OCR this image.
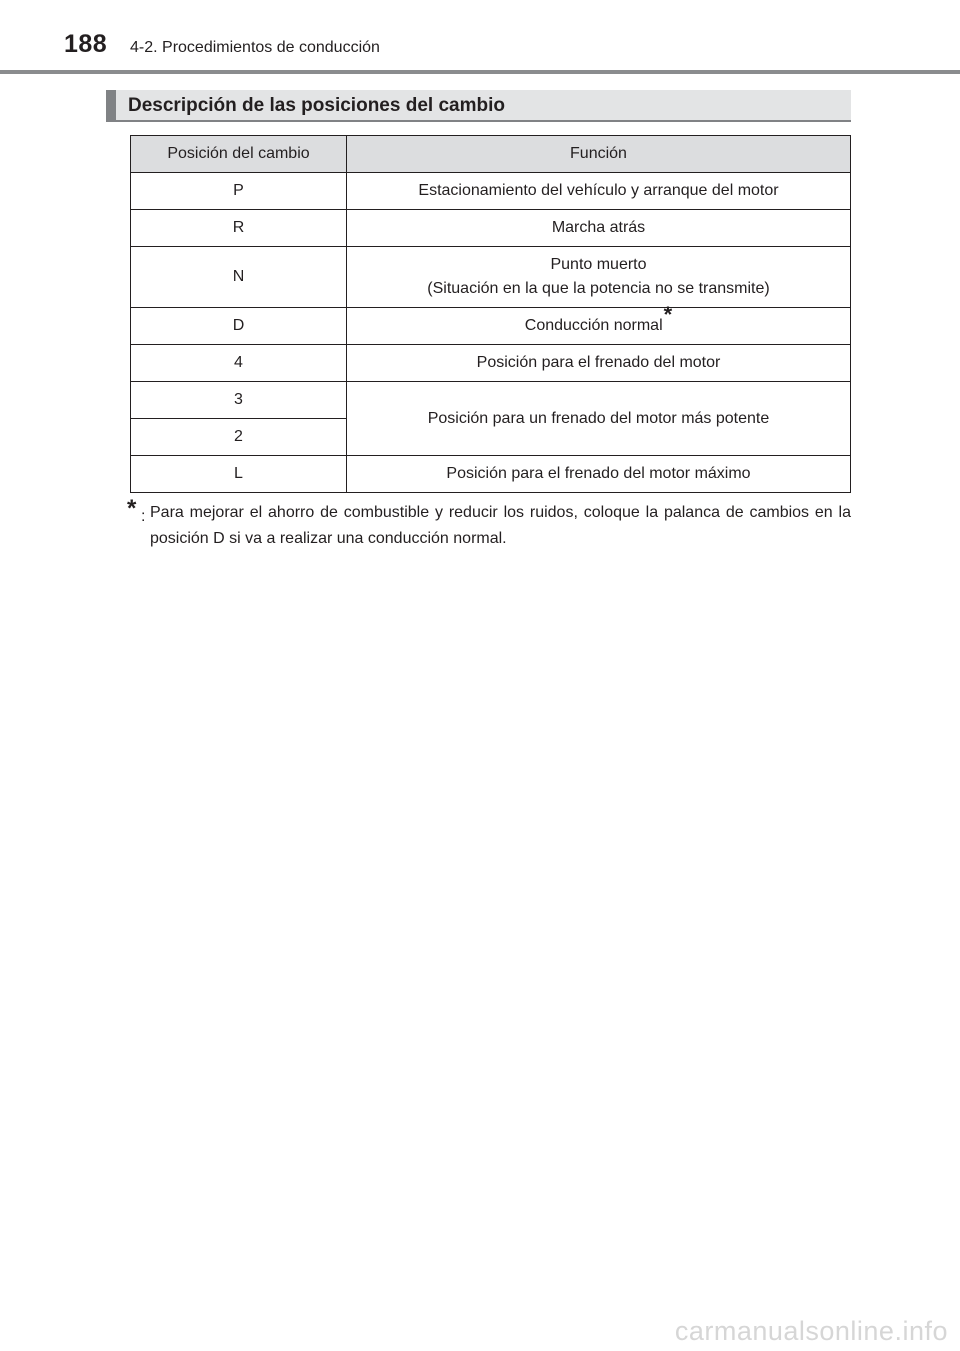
188 4-2. Procedimientos de conducción
Descripción de las posiciones del cambio
Posición del cambio	Función
P	Estacionamiento del vehículo y arranque del motor
R	Marcha atrás
N	Punto muerto
(Situación en la que la potencia no se transmite)

D	Conducción normal*
4	Posición para el frenado del motor
3	Posición para un frenado del motor más potente
2	
L	Posición para el frenado del motor máximo
* : Para mejorar el ahorro de combustible y reducir los ruidos, coloque la palanca de cambios en la posición D si va a realizar una conducción normal.
carmanualsonline.info
